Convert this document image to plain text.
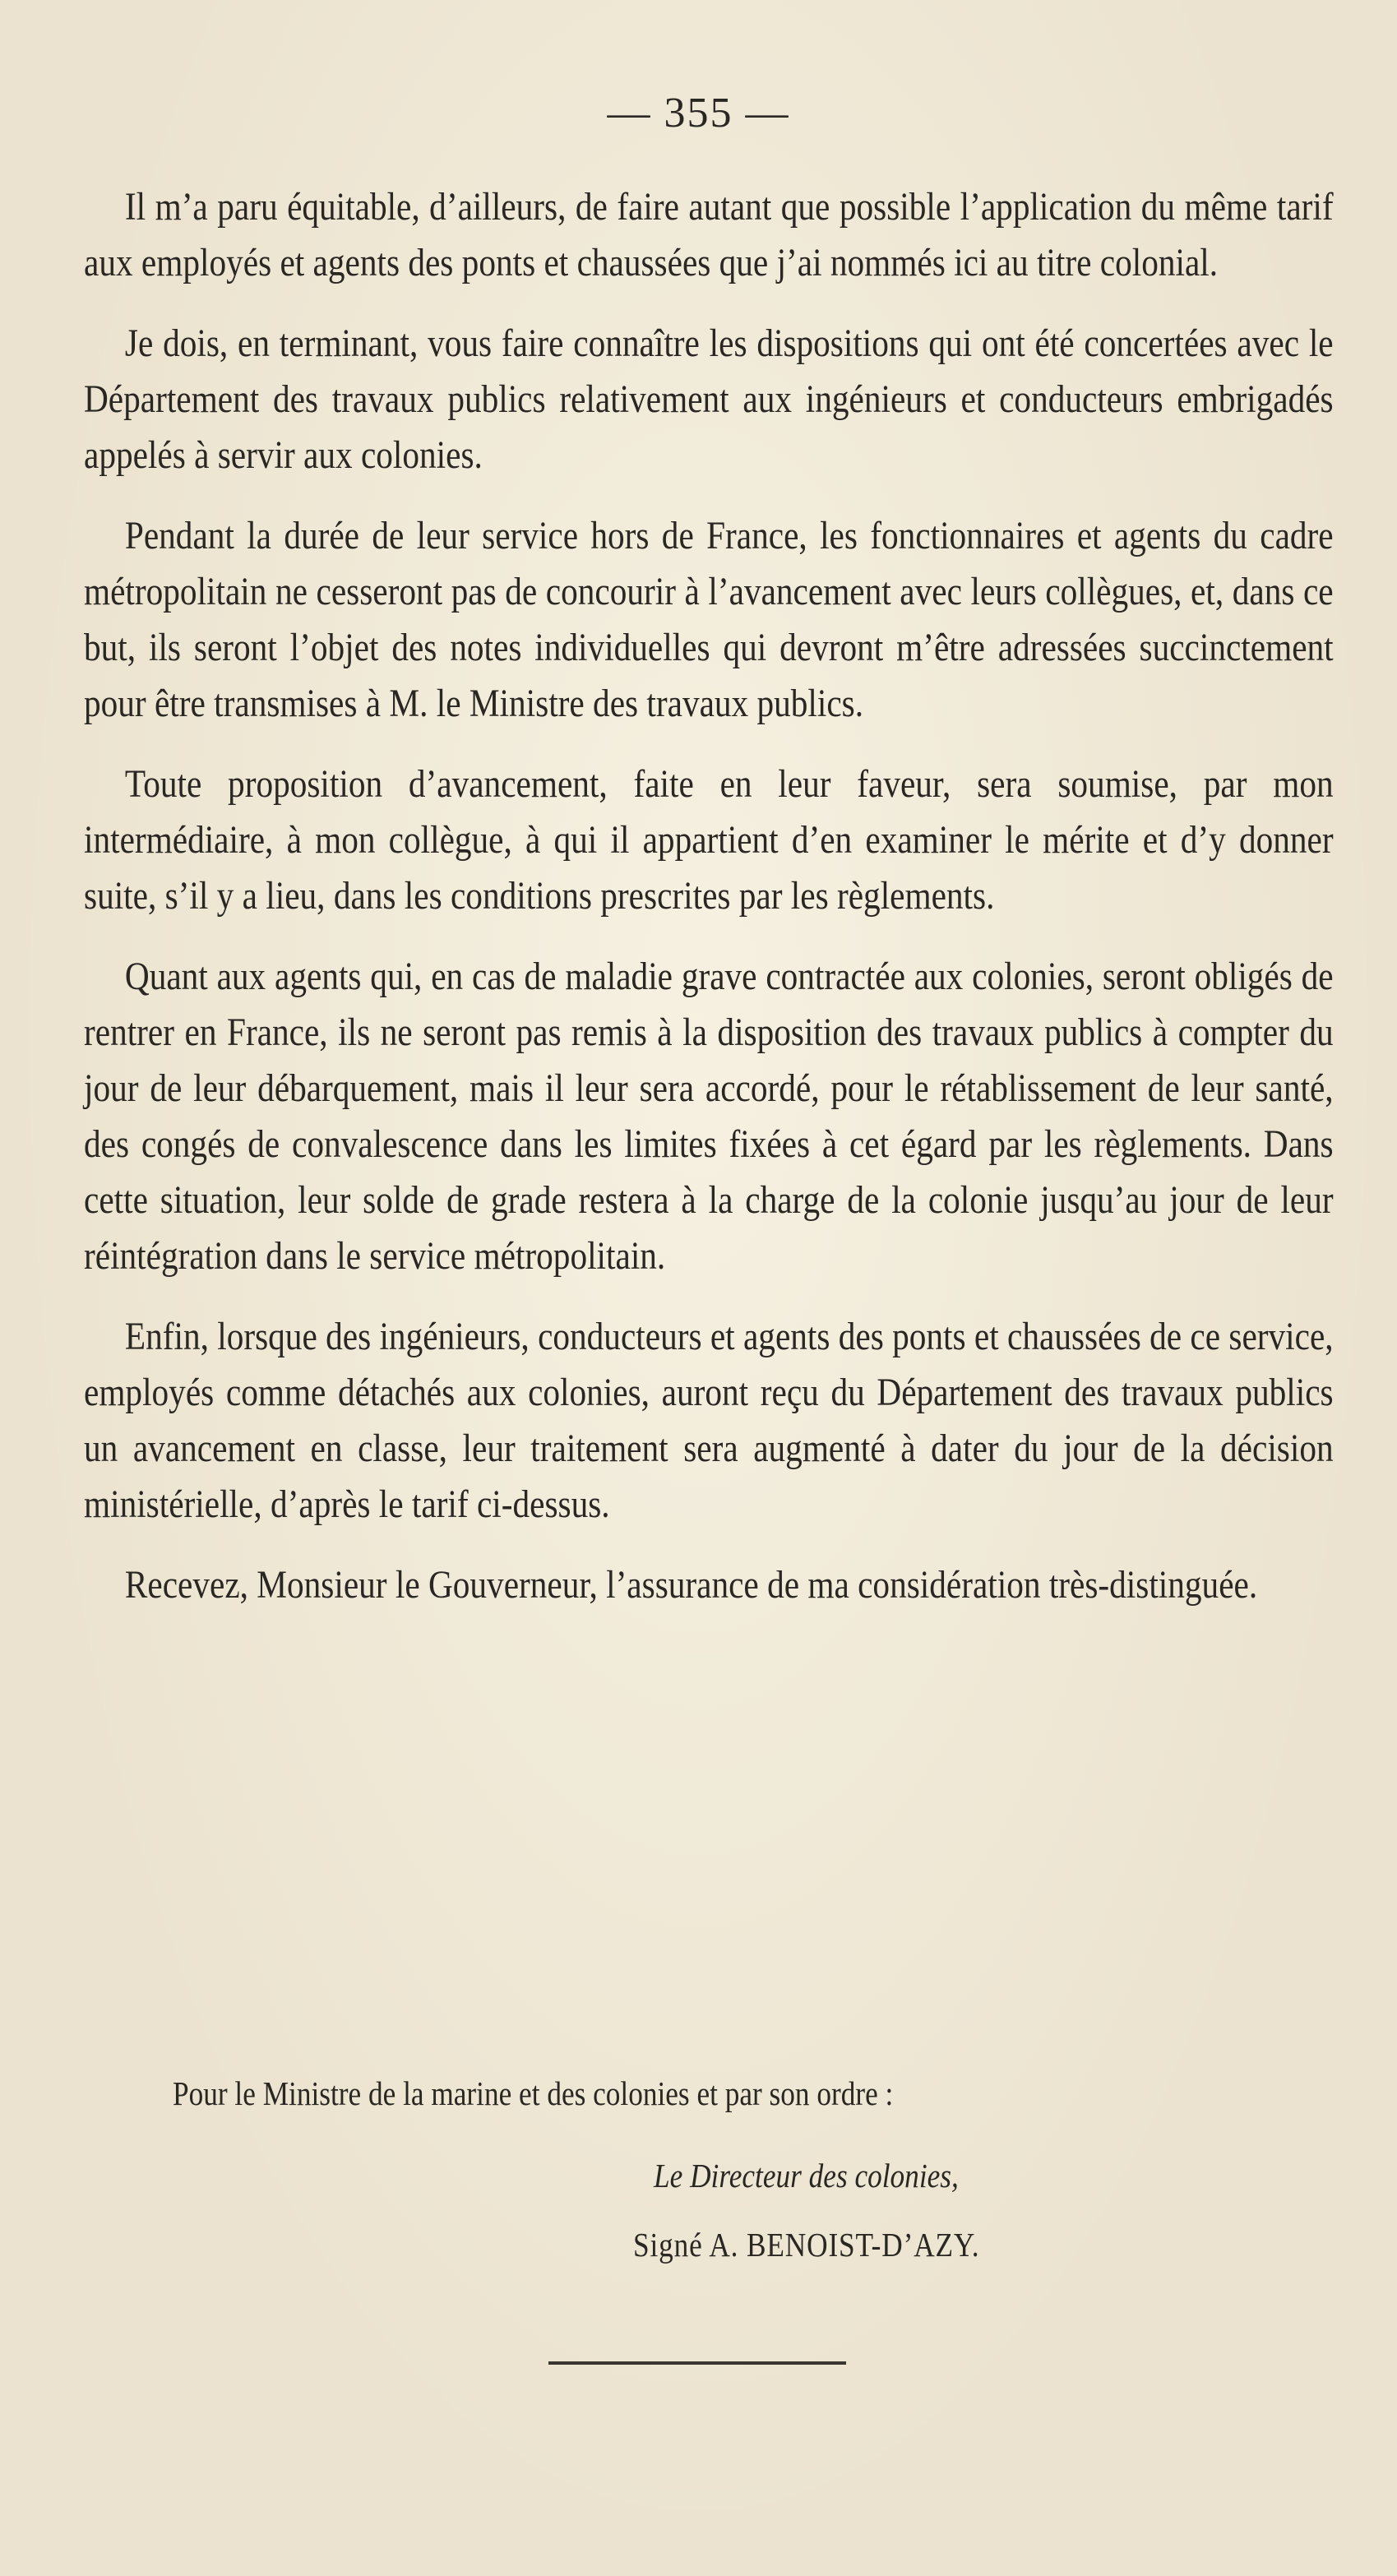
— 355 —

Il m’a paru équitable, d’ailleurs, de faire autant que possible l’application du même tarif aux employés et agents des ponts et chaussées que j’ai nommés ici au titre colonial.

Je dois, en terminant, vous faire connaître les dispositions qui ont été concertées avec le Département des travaux publics relativement aux ingénieurs et conducteurs embrigadés appelés à servir aux colonies.

Pendant la durée de leur service hors de France, les fonctionnaires et agents du cadre métropolitain ne cesseront pas de concourir à l’avancement avec leurs collègues, et, dans ce but, ils seront l’objet des notes individuelles qui devront m’être adressées succinctement pour être transmises à M. le Ministre des travaux publics.

Toute proposition d’avancement, faite en leur faveur, sera soumise, par mon intermédiaire, à mon collègue, à qui il appartient d’en examiner le mérite et d’y donner suite, s’il y a lieu, dans les conditions prescrites par les règlements.

Quant aux agents qui, en cas de maladie grave contractée aux colonies, seront obligés de rentrer en France, ils ne seront pas remis à la disposition des travaux publics à compter du jour de leur débarquement, mais il leur sera accordé, pour le rétablissement de leur santé, des congés de convalescence dans les limites fixées à cet égard par les règlements. Dans cette situation, leur solde de grade restera à la charge de la colonie jusqu’au jour de leur réintégration dans le service métropolitain.

Enfin, lorsque des ingénieurs, conducteurs et agents des ponts et chaussées de ce service, employés comme détachés aux colonies, auront reçu du Département des travaux publics un avancement en classe, leur traitement sera augmenté à dater du jour de la décision ministérielle, d’après le tarif ci-dessus.

Recevez, Monsieur le Gouverneur, l’assurance de ma considération très-distinguée.

Pour le Ministre de la marine et des colonies et par son ordre :
Le Directeur des colonies,
Signé A. BENOIST-D’AZY.
